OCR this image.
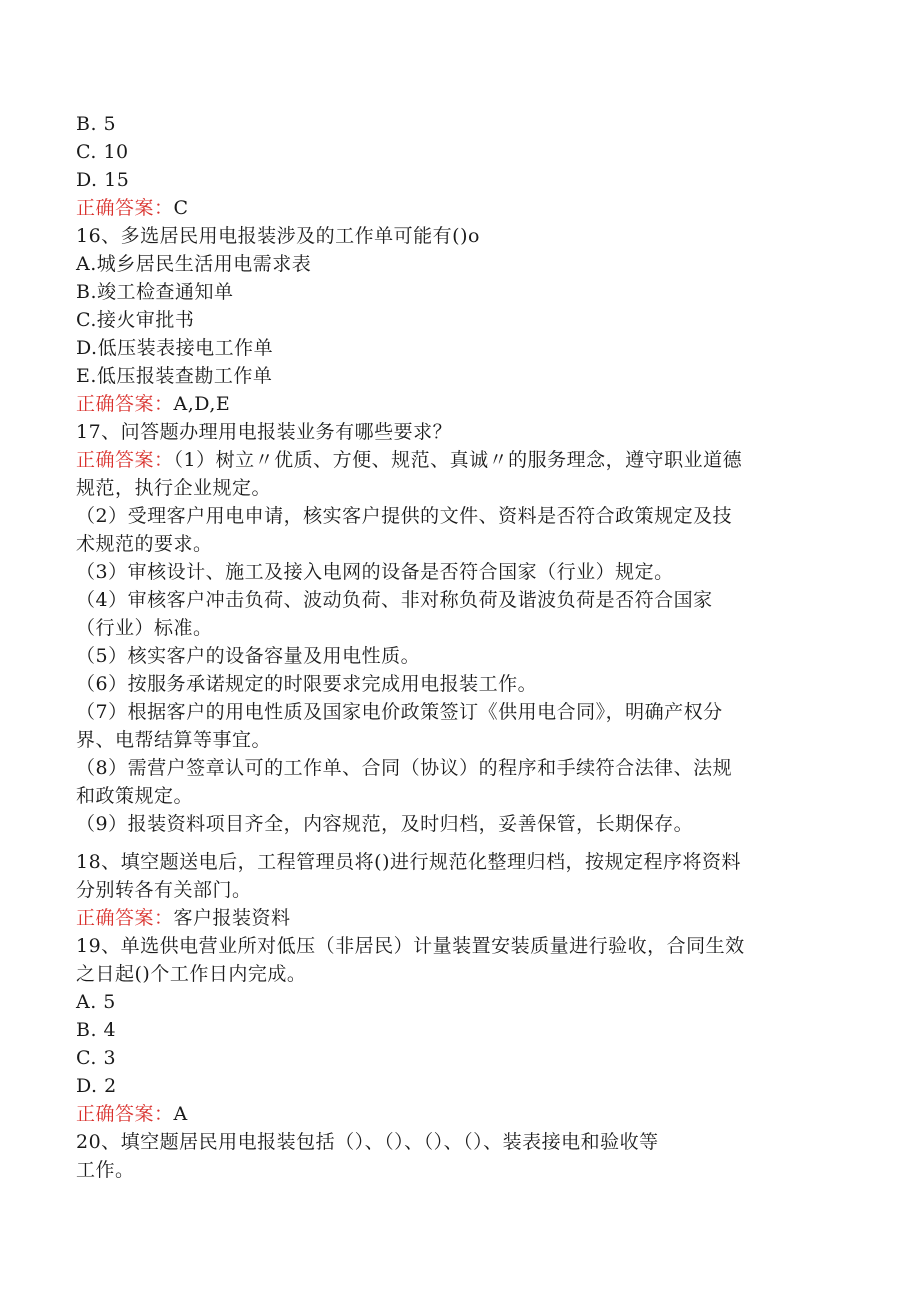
B. 5
C. 10
D. 15
正确答案：C
16、多选居民用电报装涉及的工作单可能有()o
A.城乡居民生活用电需求表
B.竣工检查通知单
C.接火审批书
D.低压装表接电工作单
E.低压报装查勘工作单
正确答案：A,D,E
17、问答题办理用电报装业务有哪些要求？
正确答案：（1）树立〃优质、方便、规范、真诚〃的服务理念，遵守职业道德
规范，执行企业规定。
（2）受理客户用电申请，核实客户提供的文件、资料是否符合政策规定及技
术规范的要求。
（3）审核设计、施工及接入电网的设备是否符合国家（行业）规定。
（4）审核客户冲击负荷、波动负荷、非对称负荷及谐波负荷是否符合国家
（行业）标准。
（5）核实客户的设备容量及用电性质。
（6）按服务承诺规定的时限要求完成用电报装工作。
（7）根据客户的用电性质及国家电价政策签订《供用电合同》，明确产权分
界、电帮结算等事宜。
（8）需营户签章认可的工作单、合同（协议）的程序和手续符合法律、法规
和政策规定。
（9）报装资料项目齐全，内容规范，及时归档，妥善保管，长期保存。
18、填空题送电后，工程管理员将()进行规范化整理归档，按规定程序将资料
分别转各有关部门。
正确答案：客户报装资料
19、单选供电营业所对低压（非居民）计量装置安装质量进行验收，合同生效
之日起()个工作日内完成。
A. 5
B. 4
C. 3
D. 2
正确答案：A
20、填空题居民用电报装包括（）、（）、（）、（）、装表接电和验收等
工作。
